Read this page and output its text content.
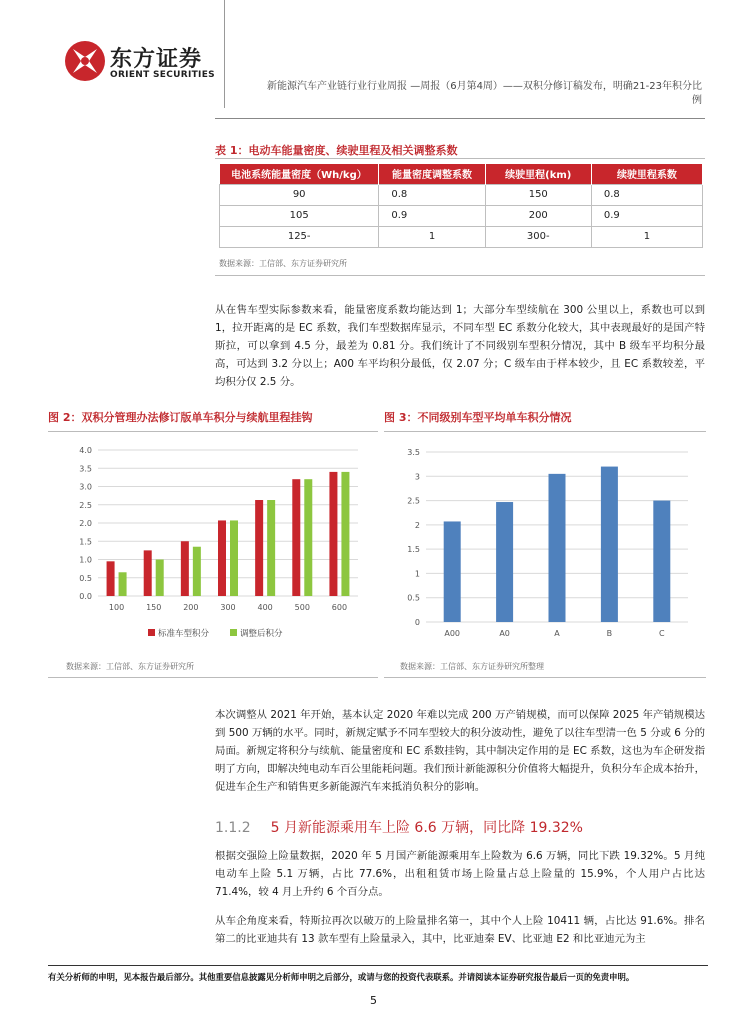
东方证券
ORIENT SECURITIES
新能源汽车产业链行业行业周报 —周报（6月第4周）——双积分修订稿发布，明确21-23年积分比例
表 1：电动车能量密度、续驶里程及相关调整系数
电池系统能量密度（Wh/kg）	能量密度调整系数	续驶里程(km)	续驶里程系数
90	0.8	150	0.8
105	0.9	200	0.9
125-	1	300-	1
数据来源：工信部、东方证券研究所
从在售车型实际参数来看，能量密度系数均能达到 1；大部分车型续航在 300 公里以上，系数也可以到 1，拉开距离的是 EC 系数，我们车型数据库显示，不同车型 EC 系数分化较大，其中表现最好的是国产特斯拉，可以拿到 4.5 分，最差为 0.81 分。我们统计了不同级别车型积分情况，其中 B 级车平均积分最高，可达到 3.2 分以上；A00 车平均积分最低，仅 2.07 分；C 级车由于样本较少，且 EC 系数较差，平均积分仅 2.5 分。
图 2：双积分管理办法修订版单车积分与续航里程挂钩
0.0
0.5
1.0
1.5
2.0
2.5
3.0
3.5
4.0
100	150	200	300	400	500	600
标准车型积分	调整后积分
数据来源：工信部、东方证券研究所
图 3：不同级别车型平均单车积分情况
0
0.5
1
1.5
2
2.5
3
3.5
A00	A0	A	B	C
数据来源：工信部、东方证券研究所整理
本次调整从 2021 年开始，基本认定 2020 年难以完成 200 万产销规模，而可以保障 2025 年产销规模达到 500 万辆的水平。同时，新规定赋予不同车型较大的积分波动性，避免了以往车型清一色 5 分或 6 分的局面。新规定将积分与续航、能量密度和 EC 系数挂钩，其中制决定作用的是 EC 系数，这也为车企研发指明了方向，即解决纯电动车百公里能耗问题。我们预计新能源积分价值将大幅提升，负积分车企成本抬升，促进车企生产和销售更多新能源汽车来抵消负积分的影响。
1.1.2 5 月新能源乘用车上险 6.6 万辆，同比降 19.32%
根据交强险上险量数据，2020 年 5 月国产新能源乘用车上险数为 6.6 万辆，同比下跌 19.32%。5 月纯电动车上险 5.1 万辆，占比 77.6%，出租租赁市场上险量占总上险量的 15.9%，个人用户占比达 71.4%，较 4 月上升约 6 个百分点。
从车企角度来看，特斯拉再次以破万的上险量排名第一，其中个人上险 10411 辆，占比达 91.6%。排名第二的比亚迪共有 13 款车型有上险量录入，其中，比亚迪秦 EV、比亚迪 E2 和比亚迪元为主
有关分析师的申明，见本报告最后部分。其他重要信息披露见分析师申明之后部分，或请与您的投资代表联系。并请阅读本证券研究报告最后一页的免责申明。
5
